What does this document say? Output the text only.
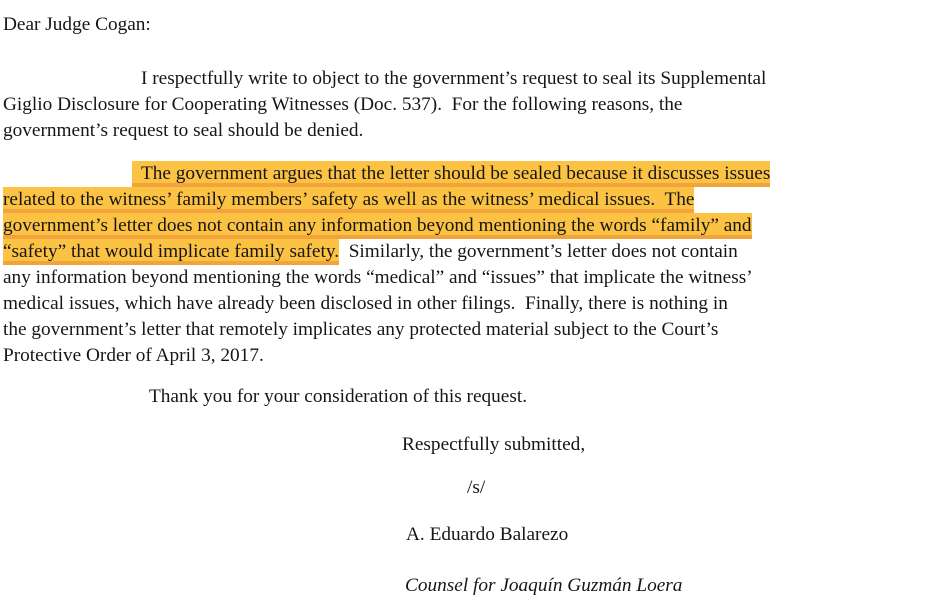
Dear Judge Cogan:
I respectfully write to object to the government’s request to seal its Supplemental
Giglio Disclosure for Cooperating Witnesses (Doc. 537).  For the following reasons, the
government’s request to seal should be denied.
The government argues that the letter should be sealed because it discusses issues
related to the witness’ family members’ safety as well as the witness’ medical issues.  The
government’s letter does not contain any information beyond mentioning the words “family” and
“safety” that would implicate family safety.  Similarly, the government’s letter does not contain
any information beyond mentioning the words “medical” and “issues” that implicate the witness’
medical issues, which have already been disclosed in other filings.  Finally, there is nothing in
the government’s letter that remotely implicates any protected material subject to the Court’s
Protective Order of April 3, 2017.
Thank you for your consideration of this request.
Respectfully submitted,
/s/
A. Eduardo Balarezo
Counsel for Joaquín Guzmán Loera
